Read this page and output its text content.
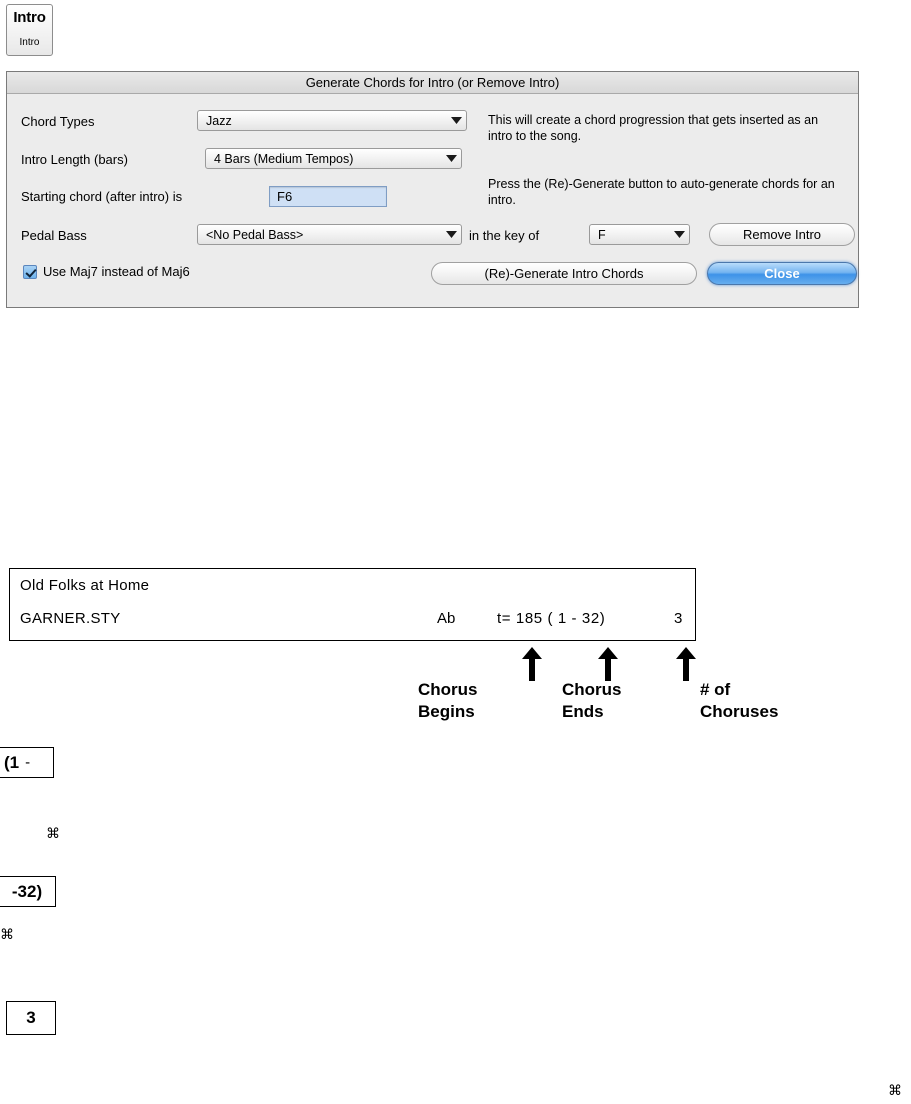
Intro
Intro
Generate Chords for Intro (or Remove Intro)
Chord Types	Jazz
Intro Length (bars)	4 Bars (Medium Tempos)
Starting chord (after intro) is	F6
Pedal Bass	<No Pedal Bass>	in the key of	F	Remove Intro
Use Maj7 instead of Maj6	(Re)-Generate Intro Chords	Close
This will create a chord progression that gets inserted as an intro to the song.
Press the (Re)-Generate button to auto-generate chords for an intro.
Old Folks at Home
GARNER.STY	Ab	t= 185 ( 1 - 32)	3
Chorus
Begins
Chorus
Ends
# of
Choruses
(1 -
⌘
-32)
⌘
3
⌘
